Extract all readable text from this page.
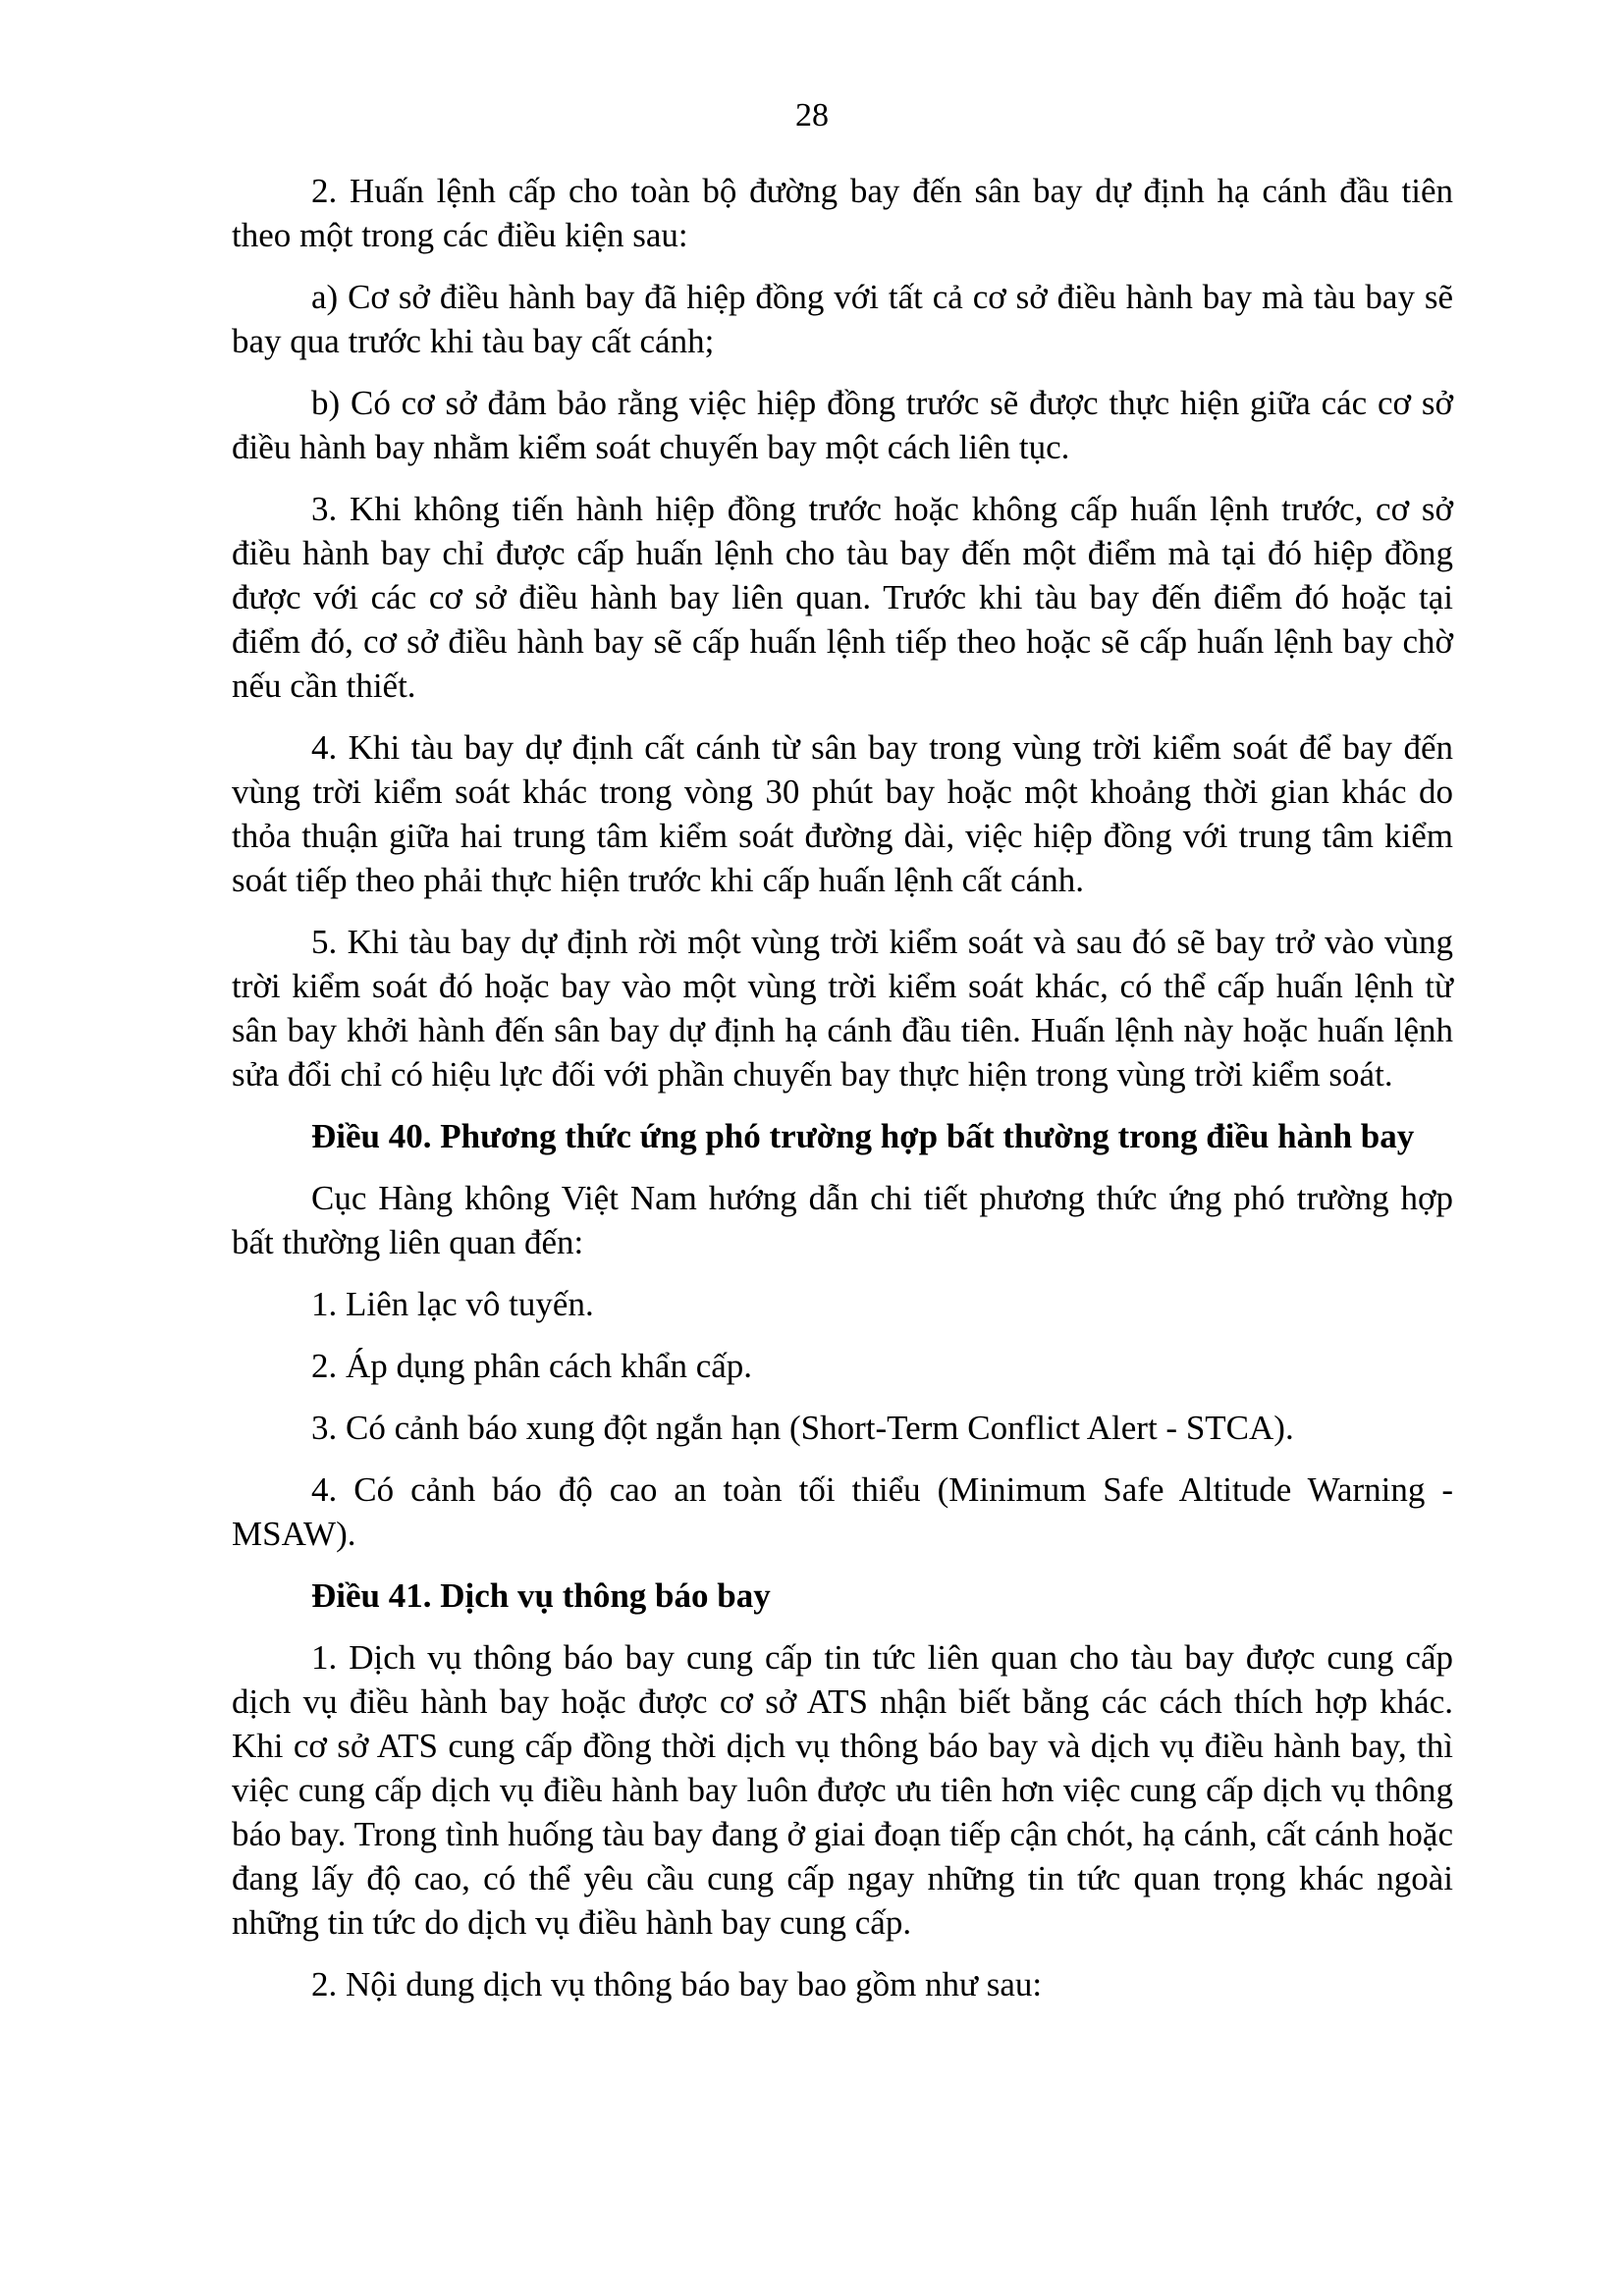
28

2. Huấn lệnh cấp cho toàn bộ đường bay đến sân bay dự định hạ cánh đầu tiên theo một trong các điều kiện sau:

a) Cơ sở điều hành bay đã hiệp đồng với tất cả cơ sở điều hành bay mà tàu bay sẽ bay qua trước khi tàu bay cất cánh;

b) Có cơ sở đảm bảo rằng việc hiệp đồng trước sẽ được thực hiện giữa các cơ sở điều hành bay nhằm kiểm soát chuyến bay một cách liên tục.

3. Khi không tiến hành hiệp đồng trước hoặc không cấp huấn lệnh trước, cơ sở điều hành bay chỉ được cấp huấn lệnh cho tàu bay đến một điểm mà tại đó hiệp đồng được với các cơ sở điều hành bay liên quan. Trước khi tàu bay đến điểm đó hoặc tại điểm đó, cơ sở điều hành bay sẽ cấp huấn lệnh tiếp theo hoặc sẽ cấp huấn lệnh bay chờ nếu cần thiết.

4. Khi tàu bay dự định cất cánh từ sân bay trong vùng trời kiểm soát để bay đến vùng trời kiểm soát khác trong vòng 30 phút bay hoặc một khoảng thời gian khác do thỏa thuận giữa hai trung tâm kiểm soát đường dài, việc hiệp đồng với trung tâm kiểm soát tiếp theo phải thực hiện trước khi cấp huấn lệnh cất cánh.

5. Khi tàu bay dự định rời một vùng trời kiểm soát và sau đó sẽ bay trở vào vùng trời kiểm soát đó hoặc bay vào một vùng trời kiểm soát khác, có thể cấp huấn lệnh từ sân bay khởi hành đến sân bay dự định hạ cánh đầu tiên. Huấn lệnh này hoặc huấn lệnh sửa đổi chỉ có hiệu lực đối với phần chuyến bay thực hiện trong vùng trời kiểm soát.

Điều 40. Phương thức ứng phó trường hợp bất thường trong điều hành bay

Cục Hàng không Việt Nam hướng dẫn chi tiết phương thức ứng phó trường hợp bất thường liên quan đến:

1. Liên lạc vô tuyến.

2. Áp dụng phân cách khẩn cấp.

3. Có cảnh báo xung đột ngắn hạn (Short-Term Conflict Alert - STCA).

4. Có cảnh báo độ cao an toàn tối thiểu (Minimum Safe Altitude Warning - MSAW).

Điều 41. Dịch vụ thông báo bay

1. Dịch vụ thông báo bay cung cấp tin tức liên quan cho tàu bay được cung cấp dịch vụ điều hành bay hoặc được cơ sở ATS nhận biết bằng các cách thích hợp khác. Khi cơ sở ATS cung cấp đồng thời dịch vụ thông báo bay và dịch vụ điều hành bay, thì việc cung cấp dịch vụ điều hành bay luôn được ưu tiên hơn việc cung cấp dịch vụ thông báo bay. Trong tình huống tàu bay đang ở giai đoạn tiếp cận chót, hạ cánh, cất cánh hoặc đang lấy độ cao, có thể yêu cầu cung cấp ngay những tin tức quan trọng khác ngoài những tin tức do dịch vụ điều hành bay cung cấp.

2. Nội dung dịch vụ thông báo bay bao gồm như sau:
